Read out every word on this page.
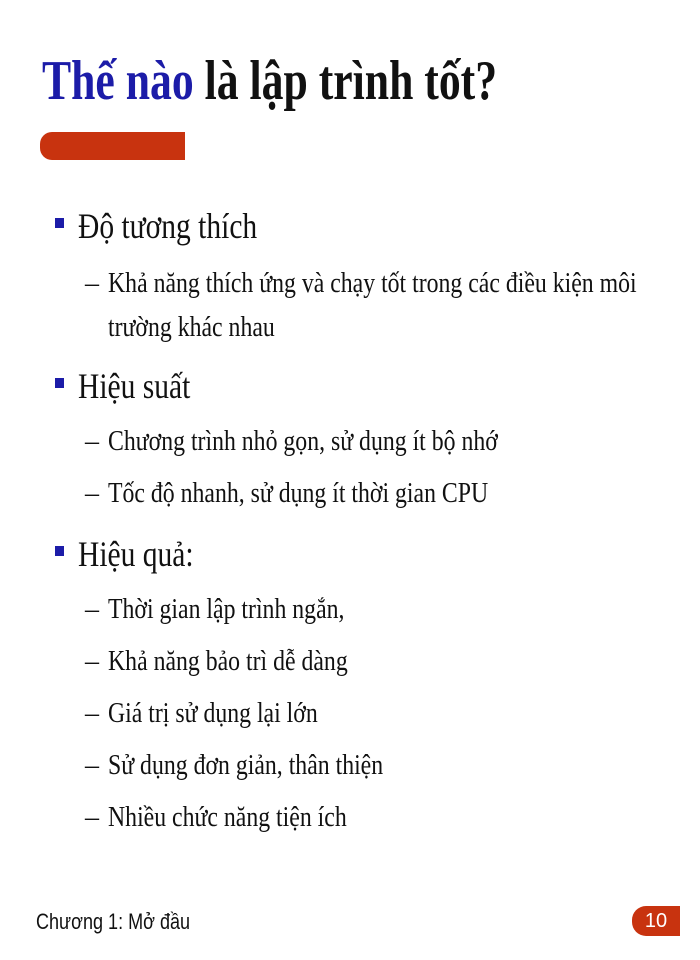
Thế nào là lập trình tốt?
Độ tương thích
– Khả năng thích ứng và chạy tốt trong các điều kiện môi
trường khác nhau
Hiệu suất
– Chương trình nhỏ gọn, sử dụng ít bộ nhớ
– Tốc độ nhanh, sử dụng ít thời gian CPU
Hiệu quả:
– Thời gian lập trình ngắn,
– Khả năng bảo trì dễ dàng
– Giá trị sử dụng lại lớn
– Sử dụng đơn giản, thân thiện
– Nhiều chức năng tiện ích
Chương 1: Mở đầu	10
